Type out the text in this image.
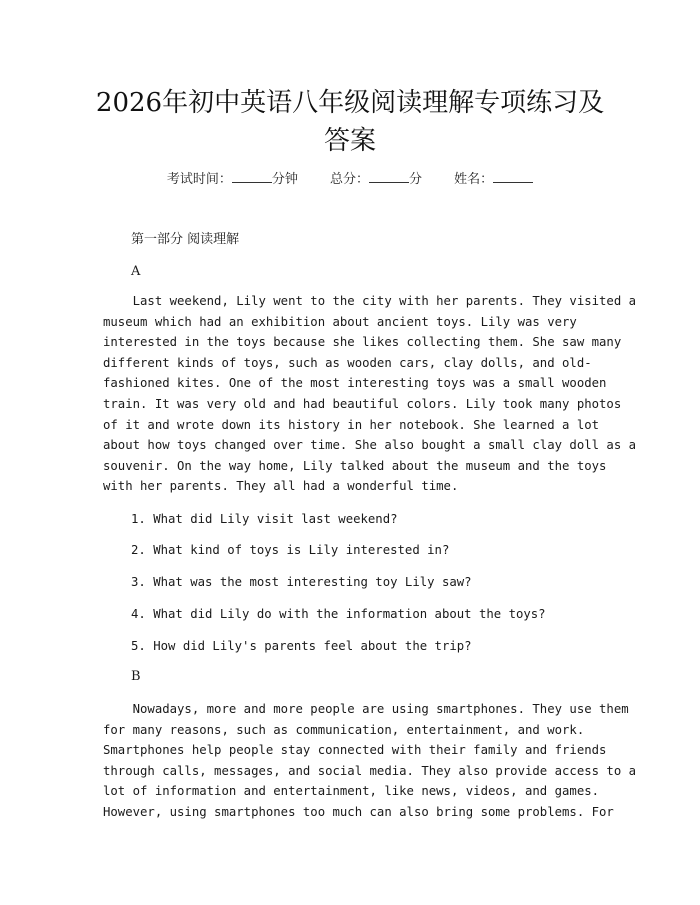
2026年初中英语八年级阅读理解专项练习及
答案
考试时间：	分钟 总分：	分 姓名：
第一部分 阅读理解
A
Last weekend, Lily went to the city with her parents. They visited a
museum which had an exhibition about ancient toys. Lily was very
interested in the toys because she likes collecting them. She saw many
different kinds of toys, such as wooden cars, clay dolls, and old-
fashioned kites. One of the most interesting toys was a small wooden
train. It was very old and had beautiful colors. Lily took many photos
of it and wrote down its history in her notebook. She learned a lot
about how toys changed over time. She also bought a small clay doll as a
souvenir. On the way home, Lily talked about the museum and the toys
with her parents. They all had a wonderful time.
1. What did Lily visit last weekend?
2. What kind of toys is Lily interested in?
3. What was the most interesting toy Lily saw?
4. What did Lily do with the information about the toys?
5. How did Lily's parents feel about the trip?
B
Nowadays, more and more people are using smartphones. They use them
for many reasons, such as communication, entertainment, and work.
Smartphones help people stay connected with their family and friends
through calls, messages, and social media. They also provide access to a
lot of information and entertainment, like news, videos, and games.
However, using smartphones too much can also bring some problems. For
